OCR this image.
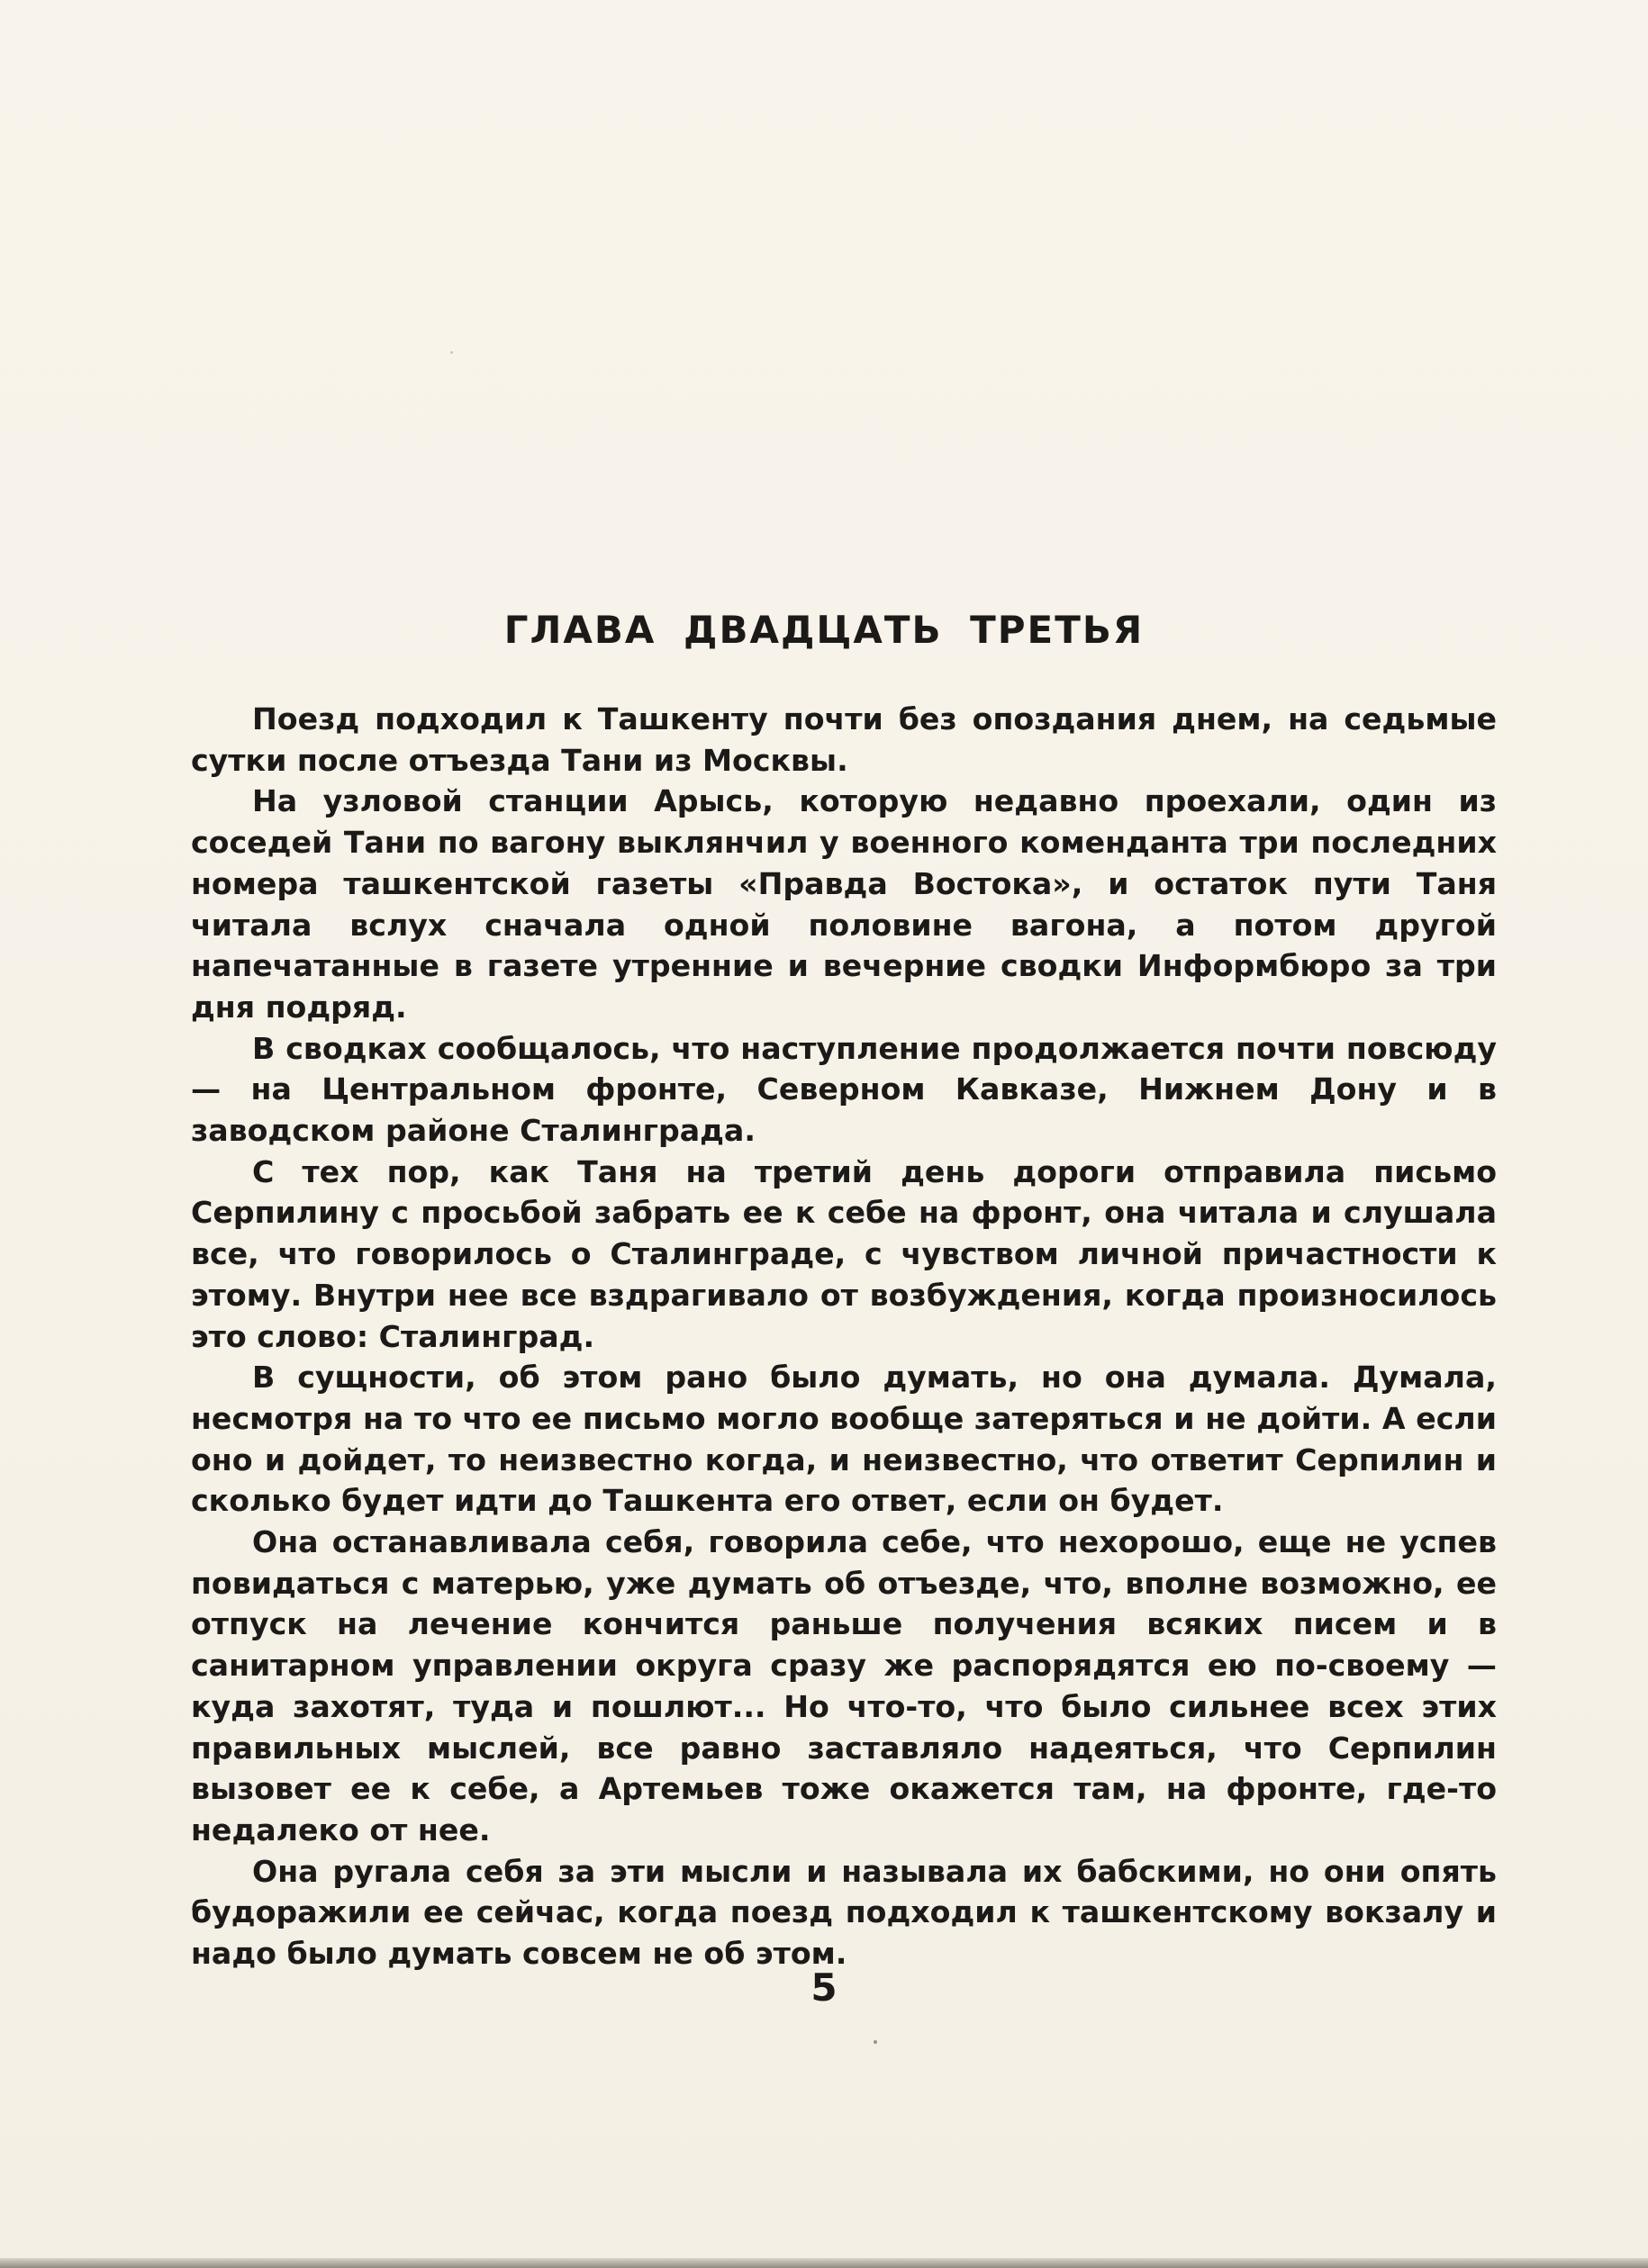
ГЛАВА ДВАДЦАТЬ ТРЕТЬЯ

Поезд подходил к Ташкенту почти без опоздания днем, на седьмые сутки после отъезда Тани из Москвы.

На узловой станции Арысь, которую недавно проехали, один из соседей Тани по вагону выклянчил у военного коменданта три последних номера ташкентской газеты «Правда Востока», и остаток пути Таня читала вслух сначала одной половине вагона, а потом другой напечатанные в газете утренние и вечерние сводки Информбюро за три дня подряд.

В сводках сообщалось, что наступление продолжается почти повсюду — на Центральном фронте, Северном Кавказе, Нижнем Дону и в заводском районе Сталинграда.

С тех пор, как Таня на третий день дороги отправила письмо Серпилину с просьбой забрать ее к себе на фронт, она читала и слушала все, что говорилось о Сталинграде, с чувством личной причастности к этому. Внутри нее все вздрагивало от возбуждения, когда произносилось это слово: Сталинград.

В сущности, об этом рано было думать, но она думала. Думала, несмотря на то что ее письмо могло вообще затеряться и не дойти. А если оно и дойдет, то неизвестно когда, и неизвестно, что ответит Серпилин и сколько будет идти до Ташкента его ответ, если он будет.

Она останавливала себя, говорила себе, что нехорошо, еще не успев повидаться с матерью, уже думать об отъезде, что, вполне возможно, ее отпуск на лечение кончится раньше получения всяких писем и в санитарном управлении округа сразу же распорядятся ею по-своему — куда захотят, туда и пошлют... Но что-то, что было сильнее всех этих правильных мыслей, все равно заставляло надеяться, что Серпилин вызовет ее к себе, а Артемьев тоже окажется там, на фронте, где-то недалеко от нее.

Она ругала себя за эти мысли и называла их бабскими, но они опять будоражили ее сейчас, когда поезд подходил к ташкентскому вокзалу и надо было думать совсем не об этом.

5
